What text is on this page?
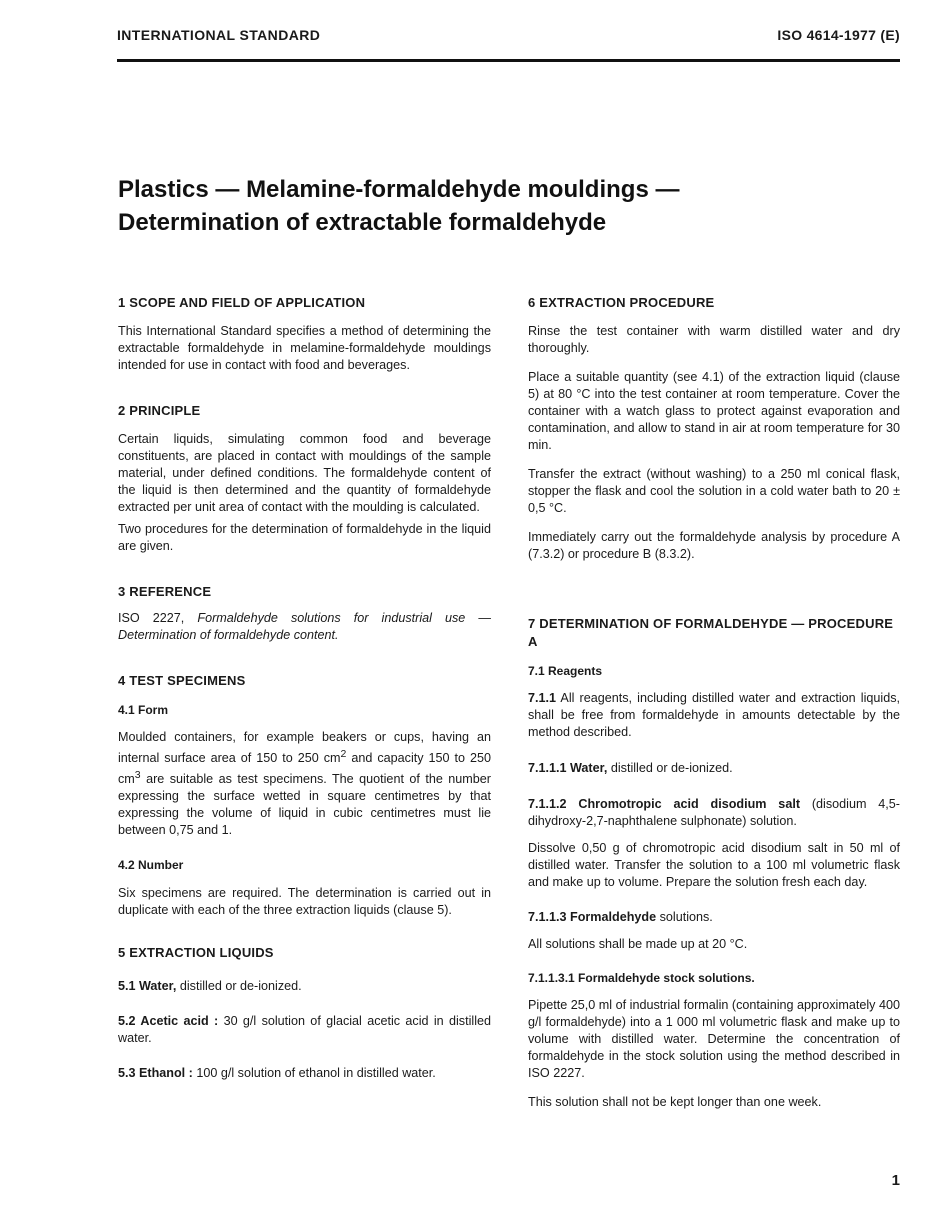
INTERNATIONAL STANDARD	ISO 4614-1977 (E)
Plastics — Melamine-formaldehyde mouldings —
Determination of extractable formaldehyde
1 SCOPE AND FIELD OF APPLICATION

This International Standard specifies a method of determining the extractable formaldehyde in melamine-formaldehyde mouldings intended for use in contact with food and beverages.

2 PRINCIPLE

Certain liquids, simulating common food and beverage constituents, are placed in contact with mouldings of the sample material, under defined conditions. The formaldehyde content of the liquid is then determined and the quantity of formaldehyde extracted per unit area of contact with the moulding is calculated.

Two procedures for the determination of formaldehyde in the liquid are given.

3 REFERENCE

ISO 2227, Formaldehyde solutions for industrial use — Determination of formaldehyde content.

4 TEST SPECIMENS
4.1 Form

Moulded containers, for example beakers or cups, having an internal surface area of 150 to 250 $cm^2$ and capacity 150 to 250 $cm^3$ are suitable as test specimens. The quotient of the number expressing the surface wetted in square centimetres by that expressing the volume of liquid in cubic centimetres must lie between 0,75 and 1.

4.2 Number

Six specimens are required. The determination is carried out in duplicate with each of the three extraction liquids (clause 5).

5 EXTRACTION LIQUIDS

5.1 Water, distilled or de-ionized.

5.2 Acetic acid : 30 g/l solution of glacial acetic acid in distilled water.

5.3 Ethanol : 100 g/l solution of ethanol in distilled water.

6 EXTRACTION PROCEDURE

Rinse the test container with warm distilled water and dry thoroughly.

Place a suitable quantity (see 4.1) of the extraction liquid (clause 5) at 80 °C into the test container at room temperature. Cover the container with a watch glass to protect against evaporation and contamination, and allow to stand in air at room temperature for 30 min.

Transfer the extract (without washing) to a 250 ml conical flask, stopper the flask and cool the solution in a cold water bath to 20 ± 0,5 °C.

Immediately carry out the formaldehyde analysis by procedure A (7.3.2) or procedure B (8.3.2).

7 DETERMINATION OF FORMALDEHYDE — PROCEDURE A
7.1 Reagents

7.1.1 All reagents, including distilled water and extraction liquids, shall be free from formaldehyde in amounts detectable by the method described.

7.1.1.1 Water, distilled or de-ionized.

7.1.1.2 Chromotropic acid disodium salt (disodium 4,5-dihydroxy-2,7-naphthalene sulphonate) solution.

Dissolve 0,50 g of chromotropic acid disodium salt in 50 ml of distilled water. Transfer the solution to a 100 ml volumetric flask and make up to volume. Prepare the solution fresh each day.

7.1.1.3 Formaldehyde solutions.

All solutions shall be made up at 20 °C.

7.1.1.3.1 Formaldehyde stock solutions.

Pipette 25,0 ml of industrial formalin (containing approximately 400 g/l formaldehyde) into a 1 000 ml volumetric flask and make up to volume with distilled water. Determine the concentration of formaldehyde in the stock solution using the method described in ISO 2227.

This solution shall not be kept longer than one week.

1
